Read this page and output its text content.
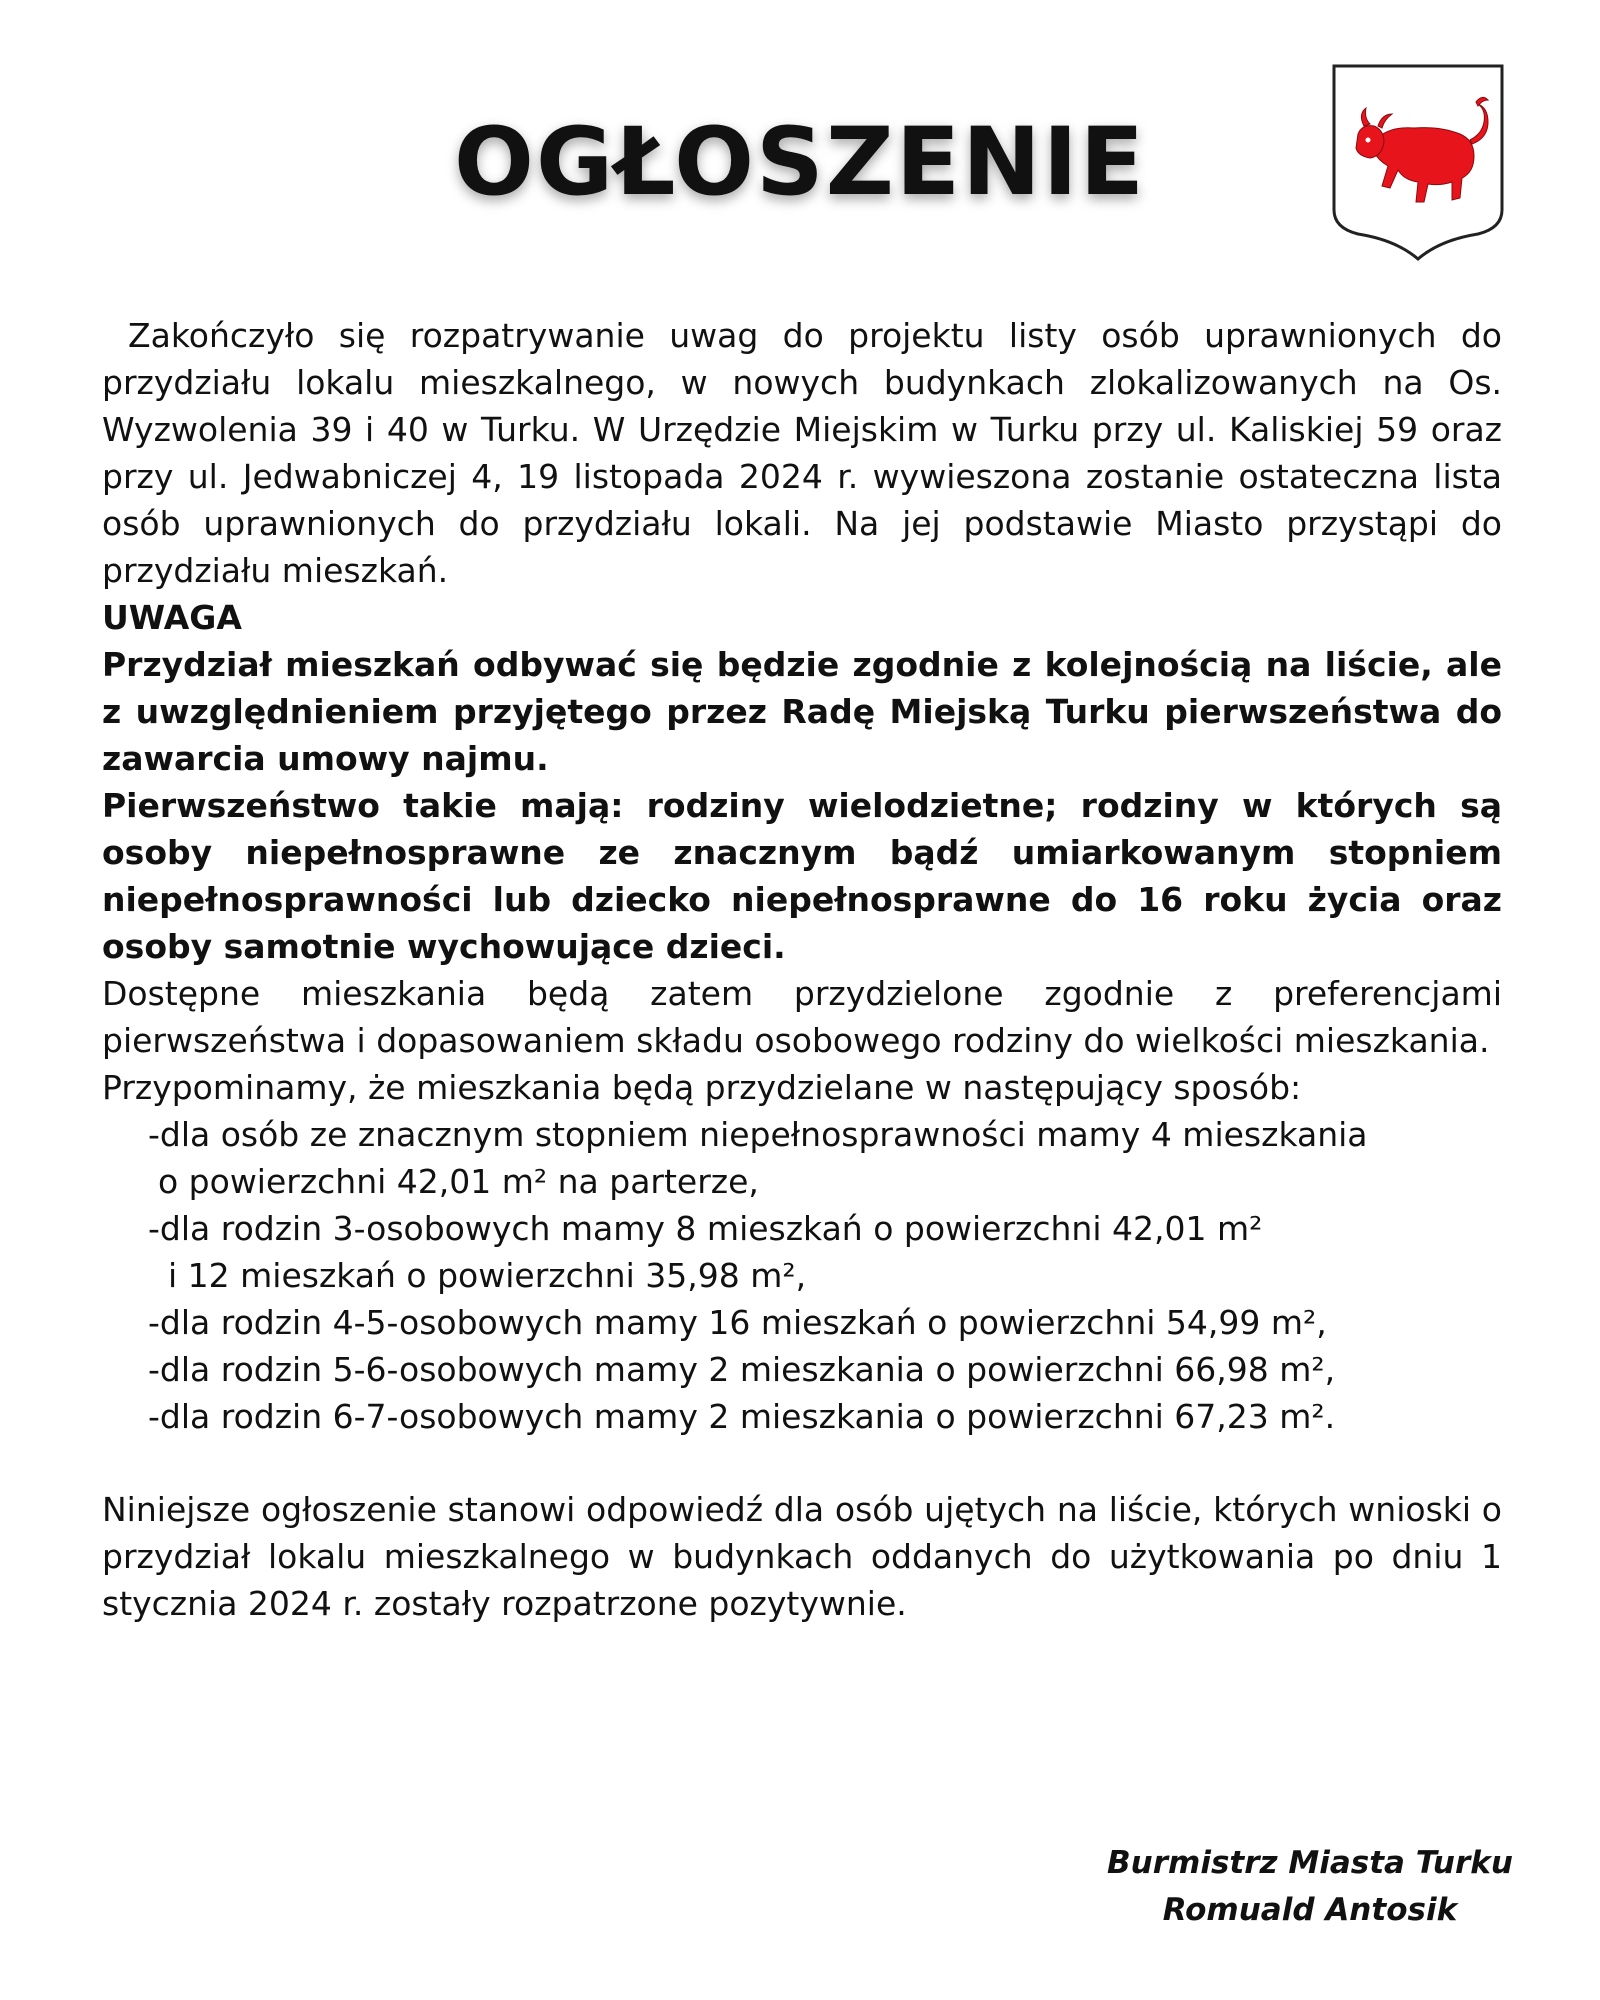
OGŁOSZENIE

Zakończyło się rozpatrywanie uwag do projektu listy osób uprawnionych do przydziału lokalu mieszkalnego, w nowych budynkach zlokalizowanych na Os. Wyzwolenia 39 i 40 w Turku. W Urzędzie Miejskim w Turku przy ul. Kaliskiej 59 oraz przy ul. Jedwabniczej 4, 19 listopada 2024 r. wywieszona zostanie ostateczna lista osób uprawnionych do przydziału lokali. Na jej podstawie Miasto przystąpi do przydziału mieszkań.

UWAGA

Przydział mieszkań odbywać się będzie zgodnie z kolejnością na liście, ale z uwzględnieniem przyjętego przez Radę Miejską Turku pierwszeństwa do zawarcia umowy najmu.

Pierwszeństwo takie mają: rodziny wielodzietne; rodziny w których są osoby niepełnosprawne ze znacznym bądź umiarkowanym stopniem niepełnosprawności lub dziecko niepełnosprawne do 16 roku życia oraz osoby samotnie wychowujące dzieci.

Dostępne mieszkania będą zatem przydzielone zgodnie z preferencjami pierwszeństwa i dopasowaniem składu osobowego rodziny do wielkości mieszkania.

Przypominamy, że mieszkania będą przydzielane w następujący sposób:

-dla osób ze znacznym stopniem niepełnosprawności mamy 4 mieszkania
o powierzchni 42,01 m² na parterze,
-dla rodzin 3-osobowych mamy 8 mieszkań o powierzchni 42,01 m²
i 12 mieszkań o powierzchni 35,98 m²,
-dla rodzin 4-5-osobowych mamy 16 mieszkań o powierzchni 54,99 m²,
-dla rodzin 5-6-osobowych mamy 2 mieszkania o powierzchni 66,98 m²,
-dla rodzin 6-7-osobowych mamy 2 mieszkania o powierzchni 67,23 m².

Niniejsze ogłoszenie stanowi odpowiedź dla osób ujętych na liście, których wnioski o przydział lokalu mieszkalnego w budynkach oddanych do użytkowania po dniu 1 stycznia 2024 r. zostały rozpatrzone pozytywnie.

Burmistrz Miasta Turku
Romuald Antosik
